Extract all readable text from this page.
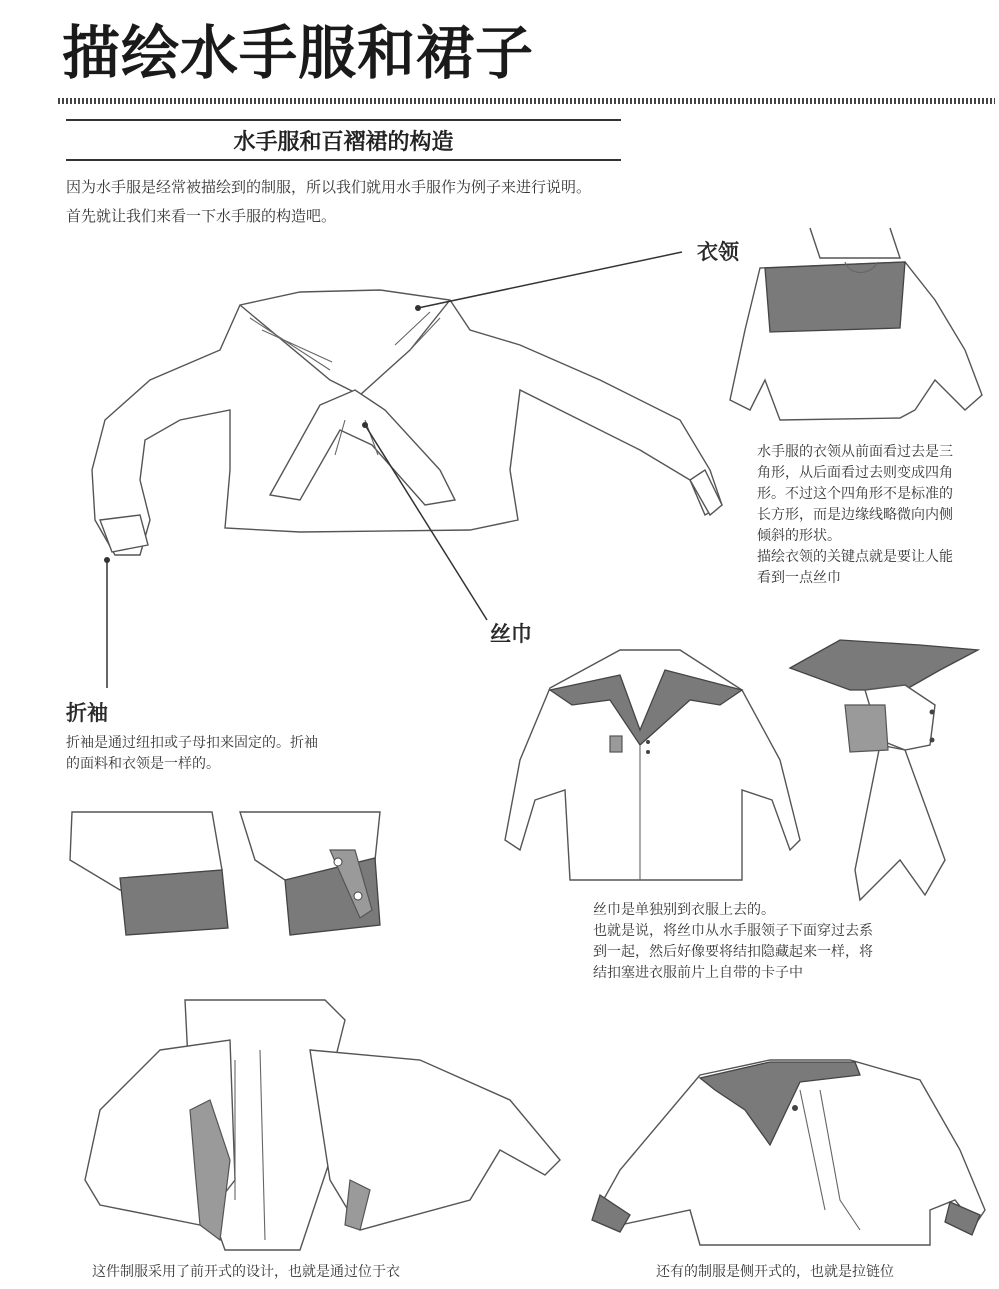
描绘水手服和裙子
水手服和百褶裙的构造
因为水手服是经常被描绘到的制服，所以我们就用水手服作为例子来进行说明。
首先就让我们来看一下水手服的构造吧。
衣领
丝巾
折袖
水手服的衣领从前面看过去是三
角形，从后面看过去则变成四角
形。不过这个四角形不是标准的
长方形，而是边缘线略微向内侧
倾斜的形状。
描绘衣领的关键点就是要让人能
看到一点丝巾
折袖是通过纽扣或子母扣来固定的。折袖
的面料和衣领是一样的。
丝巾是单独别到衣服上去的。
也就是说，将丝巾从水手服领子下面穿过去系
到一起，然后好像要将结扣隐藏起来一样，将
结扣塞进衣服前片上自带的卡子中
这件制服采用了前开式的设计，也就是通过位于衣	还有的制服是侧开式的，也就是拉链位
